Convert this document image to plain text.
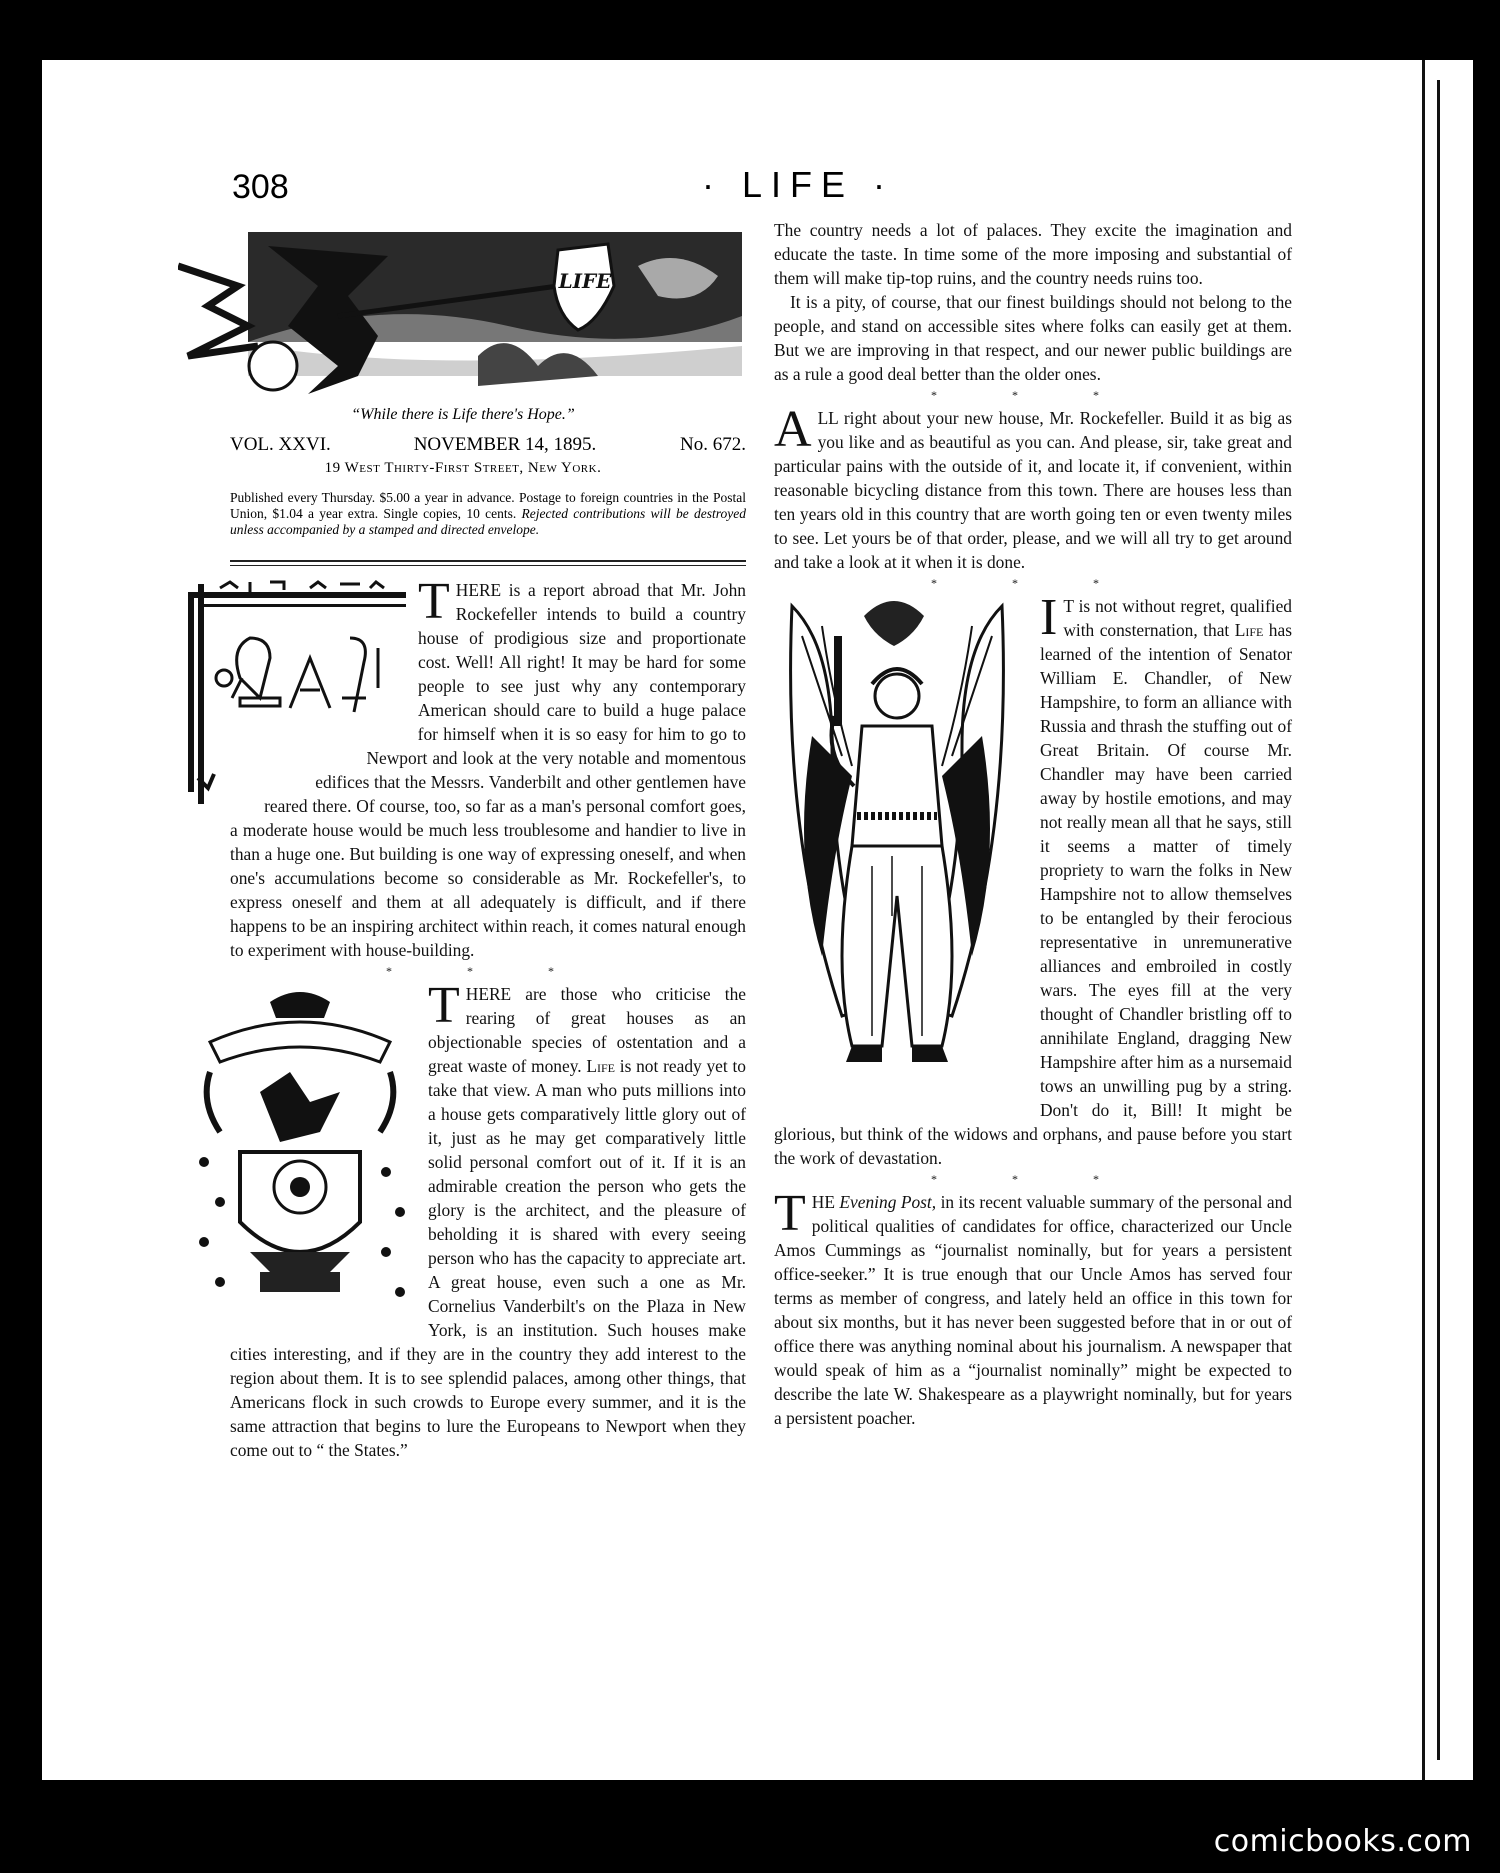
308	· LIFE ·
LIFE
“While there is Life there's Hope.”
VOL. XXVI.	NOVEMBER 14, 1895.	No. 672.
19 West Thirty-First Street, New York.
Published every Thursday. $5.00 a year in advance. Postage to foreign countries in the Postal Union, $1.04 a year extra. Single copies, 10 cents. Rejected contributions will be destroyed unless accompanied by a stamped and directed envelope.

THERE is a report abroad that Mr. John Rockefeller intends to build a country house of prodigious size and proportionate cost. Well! All right! It may be hard for some people to see just why any contemporary American should care to build a huge palace for himself when it is so easy for him to go to Newport and look at the very notable and momentous edifices that the Messrs. Vanderbilt and other gentlemen have reared there. Of course, too, so far as a man's personal comfort goes, a moderate house would be much less troublesome and handier to live in than a huge one. But building is one way of expressing oneself, and when one's accumulations become so considerable as Mr. Rockefeller's, to express oneself and them at all adequately is difficult, and if there happens to be an inspiring architect within reach, it comes natural enough to experiment with house-building.

* * *

THERE are those who criticise the rearing of great houses as an objectionable species of ostentation and a great waste of money. Life is not ready yet to take that view. A man who puts millions into a house gets comparatively little glory out of it, just as he may get comparatively little solid personal comfort out of it. If it is an admirable creation the person who gets the glory is the architect, and the pleasure of beholding it is shared with every seeing person who has the capacity to appreciate art. A great house, even such a one as Mr. Cornelius Vanderbilt's on the Plaza in New York, is an institution. Such houses make cities interesting, and if they are in the country they add interest to the region about them. It is to see splendid palaces, among other things, that Americans flock in such crowds to Europe every summer, and it is the same attraction that begins to lure the Europeans to Newport when they come out to “ the States.”

The country needs a lot of palaces. They excite the imagination and educate the taste. In time some of the more imposing and substantial of them will make tip-top ruins, and the country needs ruins too.

It is a pity, of course, that our finest buildings should not belong to the people, and stand on accessible sites where folks can easily get at them. But we are improving in that respect, and our newer public buildings are as a rule a good deal better than the older ones.

* * *

ALL right about your new house, Mr. Rockefeller. Build it as big as you like and as beautiful as you can. And please, sir, take great and particular pains with the outside of it, and locate it, if convenient, within reasonable bicycling distance from this town. There are houses less than ten years old in this country that are worth going ten or even twenty miles to see. Let yours be of that order, please, and we will all try to get around and take a look at it when it is done.

* * *

I T is not without regret, qualified with consternation, that Life has learned of the intention of Senator William E. Chandler, of New Hampshire, to form an alliance with Russia and thrash the stuffing out of Great Britain. Of course Mr. Chandler may have been carried away by hostile emotions, and may not really mean all that he says, still it seems a matter of timely propriety to warn the folks in New Hampshire not to allow themselves to be entangled by their ferocious representative in unremunerative alliances and embroiled in costly wars. The eyes fill at the very thought of Chandler bristling off to annihilate England, dragging New Hampshire after him as a nursemaid tows an unwilling pug by a string. Don't do it, Bill! It might be glorious, but think of the widows and orphans, and pause before you start the work of devastation.

* * *

THE Evening Post, in its recent valuable summary of the personal and political qualities of candidates for office, characterized our Uncle Amos Cummings as “journalist nominally, but for years a persistent office-seeker.” It is true enough that our Uncle Amos has served four terms as member of congress, and lately held an office in this town for about six months, but it has never been suggested before that in or out of office there was anything nominal about his journalism. A newspaper that would speak of him as a “journalist nominally” might be expected to describe the late W. Shakespeare as a playwright nominally, but for years a persistent poacher.

comicbooks.com
